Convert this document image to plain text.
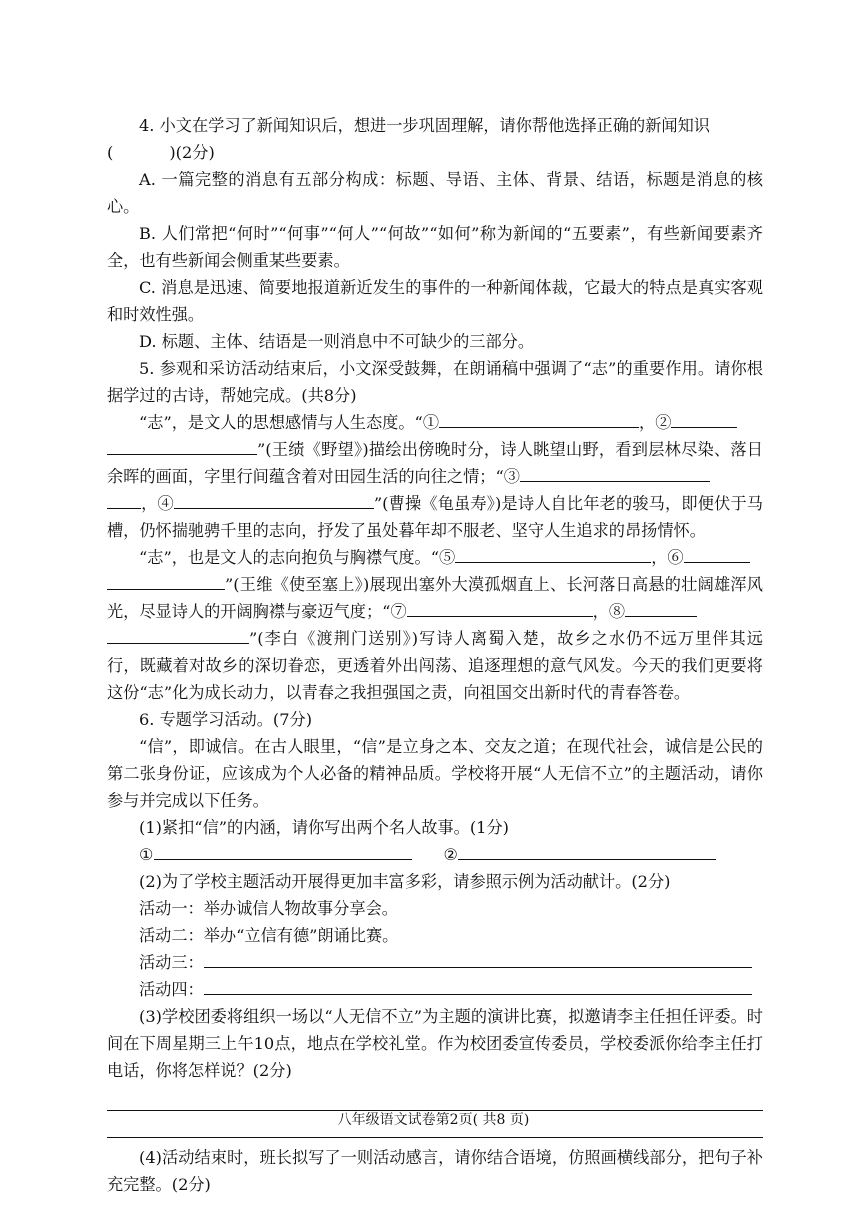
4. 小文在学习了新闻知识后，想进一步巩固理解，请你帮他选择正确的新闻知识

(	)(2分)

A. 一篇完整的消息有五部分构成：标题、导语、主体、背景、结语，标题是消息的核心。

B. 人们常把“何时”“何事”“何人”“何故”“如何”称为新闻的“五要素”，有些新闻要素齐全，也有些新闻会侧重某些要素。

C. 消息是迅速、简要地报道新近发生的事件的一种新闻体裁，它最大的特点是真实客观和时效性强。

D. 标题、主体、结语是一则消息中不可缺少的三部分。

5. 参观和采访活动结束后，小文深受鼓舞，在朗诵稿中强调了“志”的重要作用。请你根据学过的古诗，帮她完成。(共8分)

“志”，是文人的思想感情与人生态度。“①	，②
”(王绩《野望》)描绘出傍晚时分，诗人眺望山野，看到层林尽染、落日余晖的画面，字里行间蕴含着对田园生活的向往之情；“③
，④	”(曹操《龟虽寿》)是诗人自比年老的骏马，即便伏于马槽，仍怀揣驰骋千里的志向，抒发了虽处暮年却不服老、坚守人生追求的昂扬情怀。

“志”，也是文人的志向抱负与胸襟气度。“⑤	，⑥
”(王维《使至塞上》)展现出塞外大漠孤烟直上、长河落日高悬的壮阔雄浑风光，尽显诗人的开阔胸襟与豪迈气度；“⑦	，⑧
”(李白《渡荆门送别》)写诗人离蜀入楚，故乡之水仍不远万里伴其远行，既藏着对故乡的深切眷恋，更透着外出闯荡、追逐理想的意气风发。今天的我们更要将这份“志”化为成长动力，以青春之我担强国之责，向祖国交出新时代的青春答卷。

6. 专题学习活动。(7分)

“信”，即诚信。在古人眼里，“信”是立身之本、交友之道；在现代社会，诚信是公民的第二张身份证，应该成为个人必备的精神品质。学校将开展“人无信不立”的主题活动，请你参与并完成以下任务。

(1)紧扣“信”的内涵，请你写出两个名人故事。(1分)

①	②

(2)为了学校主题活动开展得更加丰富多彩，请参照示例为活动献计。(2分)

活动一：举办诚信人物故事分享会。

活动二：举办“立信有德”朗诵比赛。

活动三：

活动四：

(3)学校团委将组织一场以“人无信不立”为主题的演讲比赛，拟邀请李主任担任评委。时间在下周星期三上午10点，地点在学校礼堂。作为校团委宣传委员，学校委派你给李主任打电话，你将怎样说？(2分)

(4)活动结束时，班长拟写了一则活动感言，请你结合语境，仿照画横线部分，把句子补充完整。(2分)

八年级语文试卷第2页( 共8 页)
